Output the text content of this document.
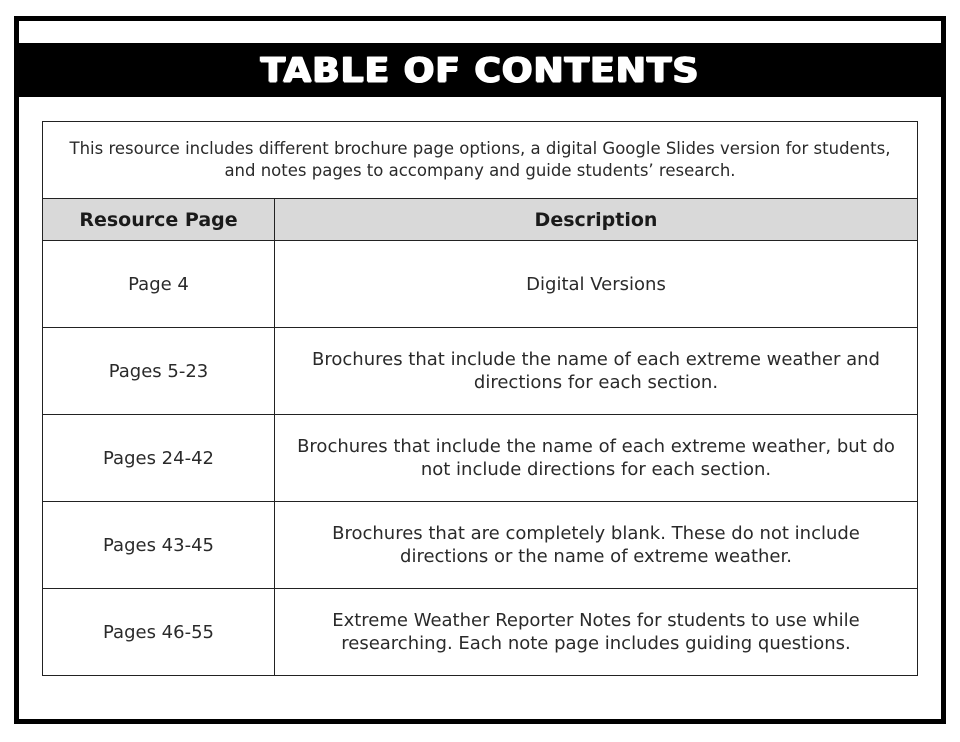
TABLE OF CONTENTS
This resource includes different brochure page options, a digital Google Slides version for students, and notes pages to accompany and guide students’ research.	
Resource Page	Description
Page 4	Digital Versions
Pages 5-23	Brochures that include the name of each extreme weather and directions for each section.
Pages 24-42	Brochures that include the name of each extreme weather, but do not include directions for each section.
Pages 43-45	Brochures that are completely blank. These do not include directions or the name of extreme weather.
Pages 46-55	Extreme Weather Reporter Notes for students to use while researching. Each note page includes guiding questions.
